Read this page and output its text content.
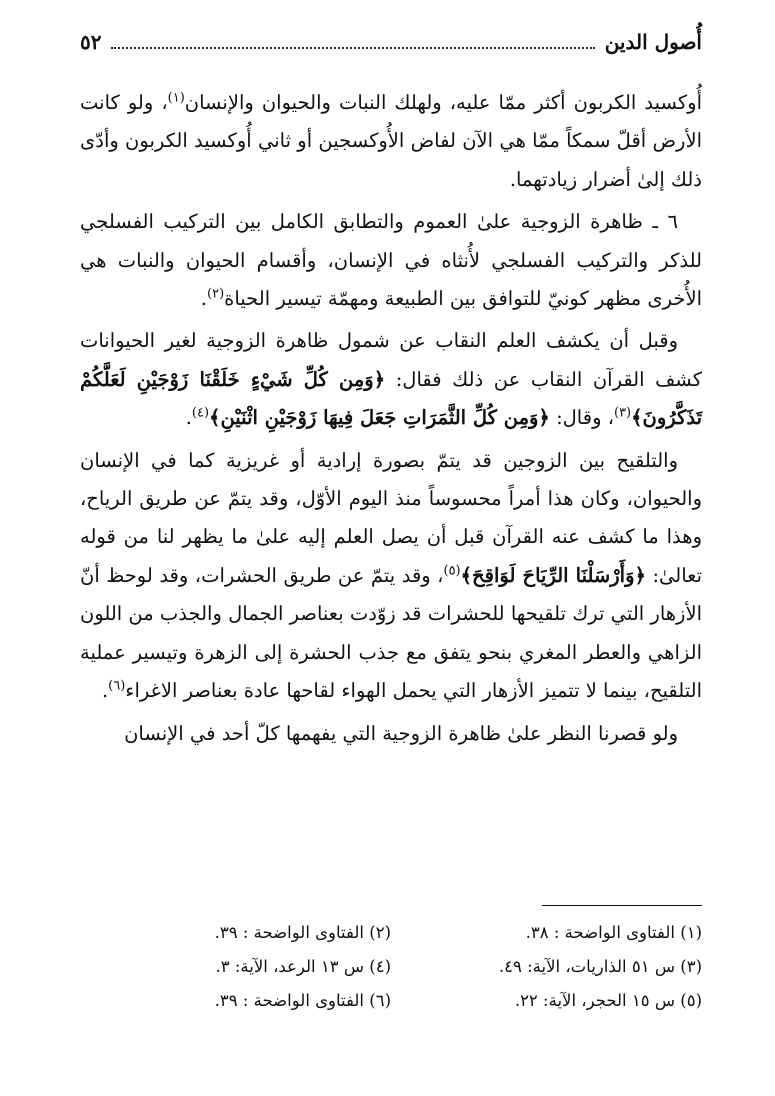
أُصول الدين
٥٢

أُوكسيد الكربون أكثر ممّا عليه، ولهلك النبات والحيوان والإنسان$^{(١)}$، ولو كانت الأرض أقلّ سمكاً ممّا هي الآن لفاض الأُوكسجين أو ثاني أُوكسيد الكربون وأدّى ذلك إلىٰ أضرار زيادتهما.

٦ ـ ظاهرة الزوجية علىٰ العموم والتطابق الكامل بين التركيب الفسلجي للذكر والتركيب الفسلجي لأُنثاه في الإنسان، وأقسام الحيوان والنبات هي الأُخرى مظهر كونيّ للتوافق بين الطبيعة ومهمّة تيسير الحياة$^{(٢)}$.

وقبل أن يكشف العلم النقاب عن شمول ظاهرة الزوجية لغير الحيوانات كشف القرآن النقاب عن ذلك فقال: ﴿وَمِن كُلِّ شَيْءٍ خَلَقْنَا زَوْجَيْنِ لَعَلَّكُمْ تَذَكَّرُونَ﴾$^{(٣)}$، وقال: ﴿وَمِن كُلِّ الثَّمَرَاتِ جَعَلَ فِيهَا زَوْجَيْنِ اثْنَيْنِ﴾$^{(٤)}$.

والتلقيح بين الزوجين قد يتمّ بصورة إرادية أو غريزية كما في الإنسان والحيوان، وكان هذا أمراً محسوساً منذ اليوم الأوّل، وقد يتمّ عن طريق الرياح، وهذا ما كشف عنه القرآن قبل أن يصل العلم إليه علىٰ ما يظهر لنا من قوله تعالىٰ: ﴿وَأَرْسَلْنَا الرِّيَاحَ لَوَاقِحَ﴾$^{(٥)}$، وقد يتمّ عن طريق الحشرات، وقد لوحظ أنّ الأزهار التي ترك تلقيحها للحشرات قد زوّدت بعناصر الجمال والجذب من اللون الزاهي والعطر المغري بنحو يتفق مع جذب الحشرة إلى الزهرة وتيسير عملية التلقيح، بينما لا تتميز الأزهار التي يحمل الهواء لقاحها عادة بعناصر الاغراء$^{(٦)}$.

ولو قصرنا النظر علىٰ ظاهرة الزوجية التي يفهمها كلّ أحد في الإنسان

(١) الفتاوى الواضحة : ٣٨.
(٢) الفتاوى الواضحة : ٣٩.
(٣) س ٥١ الذاريات، الآية: ٤٩.
(٤) س ١٣ الرعد، الآية: ٣.
(٥) س ١٥ الحجر، الآية: ٢٢.
(٦) الفتاوى الواضحة : ٣٩.
